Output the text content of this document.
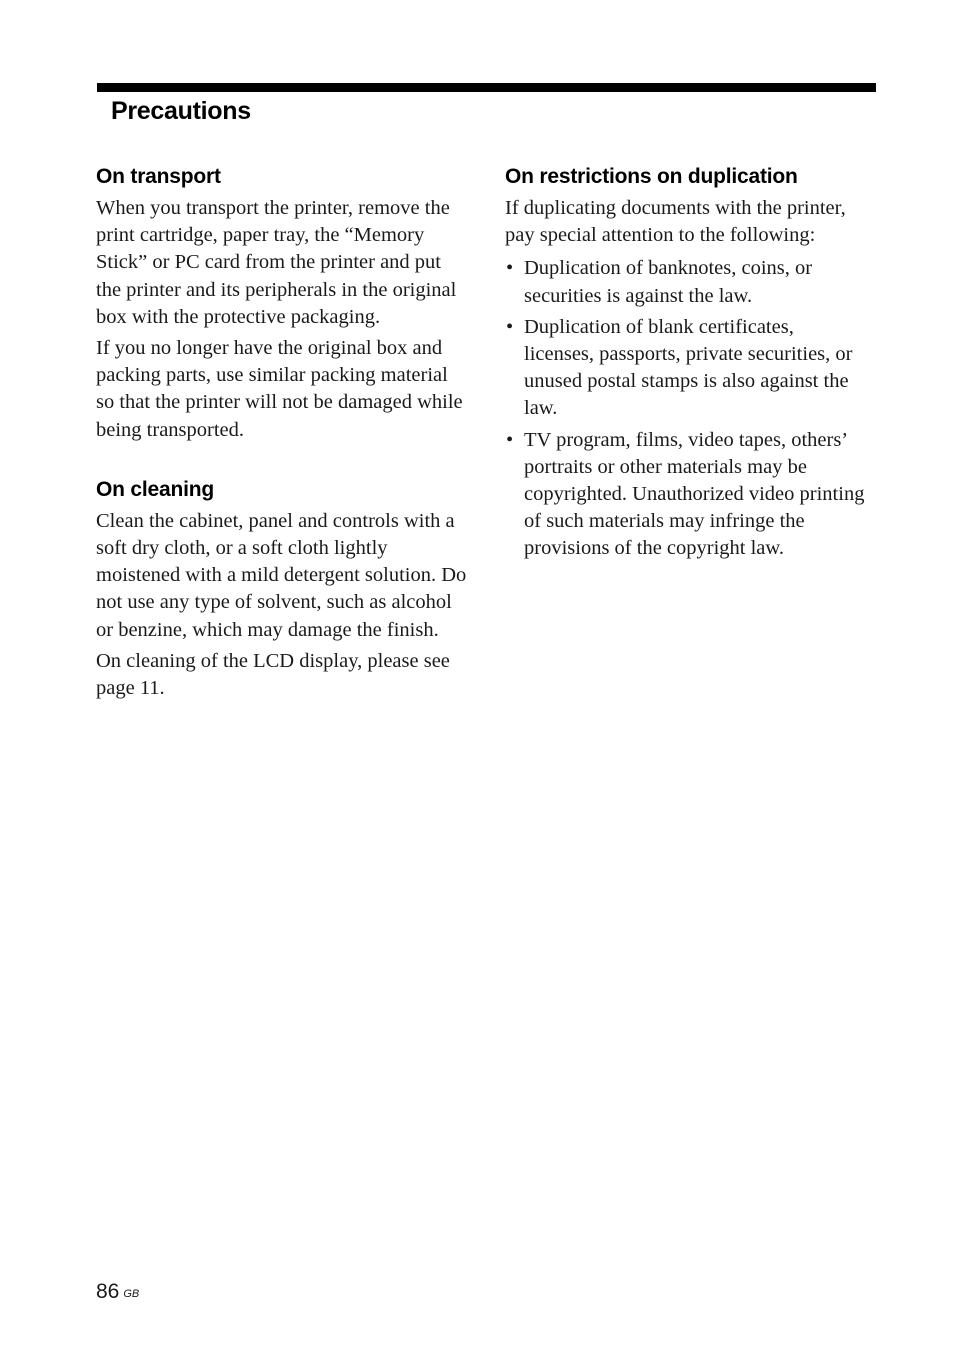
Precautions
On transport

When you transport the printer, remove the print cartridge, paper tray, the “Memory Stick” or PC card from the printer and put the printer and its peripherals in the original box with the protective packaging.

If you no longer have the original box and packing parts, use similar packing material so that the printer will not be damaged while being transported.

On cleaning

Clean the cabinet, panel and controls with a soft dry cloth, or a soft cloth lightly moistened with a mild detergent solution. Do not use any type of solvent, such as alcohol or benzine, which may damage the finish.

On cleaning of the LCD display, please see page 11.

On restrictions on duplication

If duplicating documents with the printer, pay special attention to the following:

• Duplication of banknotes, coins, or securities is against the law.
• Duplication of blank certificates, licenses, passports, private securities, or unused postal stamps is also against the law.
• TV program, films, video tapes, others’ portraits or other materials may be copyrighted. Unauthorized video printing of such materials may infringe the provisions of the copyright law.
86 $^{GB}$
